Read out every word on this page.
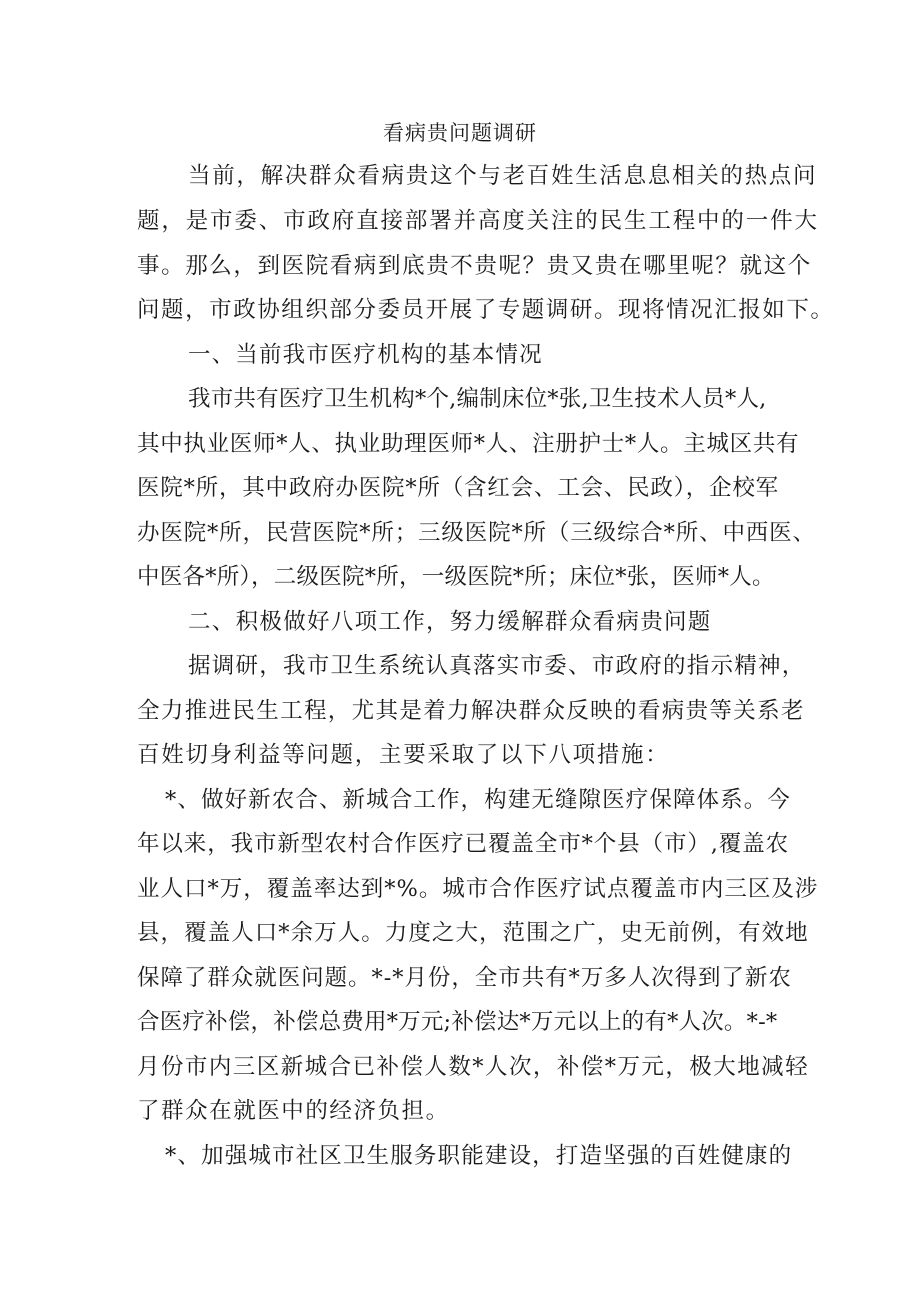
看病贵问题调研
当前，解决群众看病贵这个与老百姓生活息息相关的热点问
题，是市委、市政府直接部署并高度关注的民生工程中的一件大
事。那么，到医院看病到底贵不贵呢？贵又贵在哪里呢？就这个
问题，市政协组织部分委员开展了专题调研。现将情况汇报如下。
一、当前我市医疗机构的基本情况
我市共有医疗卫生机构*个,编制床位*张,卫生技术人员*人,
其中执业医师*人、执业助理医师*人、注册护士*人。主城区共有
医院*所，其中政府办医院*所（含红会、工会、民政），企校军
办医院*所，民营医院*所；三级医院*所（三级综合*所、中西医、
中医各*所），二级医院*所，一级医院*所；床位*张，医师*人。
二、积极做好八项工作，努力缓解群众看病贵问题
据调研，我市卫生系统认真落实市委、市政府的指示精神，
全力推进民生工程，尤其是着力解决群众反映的看病贵等关系老
百姓切身利益等问题，主要采取了以下八项措施：
*、做好新农合、新城合工作，构建无缝隙医疗保障体系。今
年以来，我市新型农村合作医疗已覆盖全市*个县（市）,覆盖农
业人口*万，覆盖率达到*%。城市合作医疗试点覆盖市内三区及涉
县，覆盖人口*余万人。力度之大，范围之广，史无前例，有效地
保障了群众就医问题。*-*月份，全市共有*万多人次得到了新农
合医疗补偿，补偿总费用*万元;补偿达*万元以上的有*人次。*-*
月份市内三区新城合已补偿人数*人次，补偿*万元，极大地减轻
了群众在就医中的经济负担。
*、加强城市社区卫生服务职能建设，打造坚强的百姓健康的
